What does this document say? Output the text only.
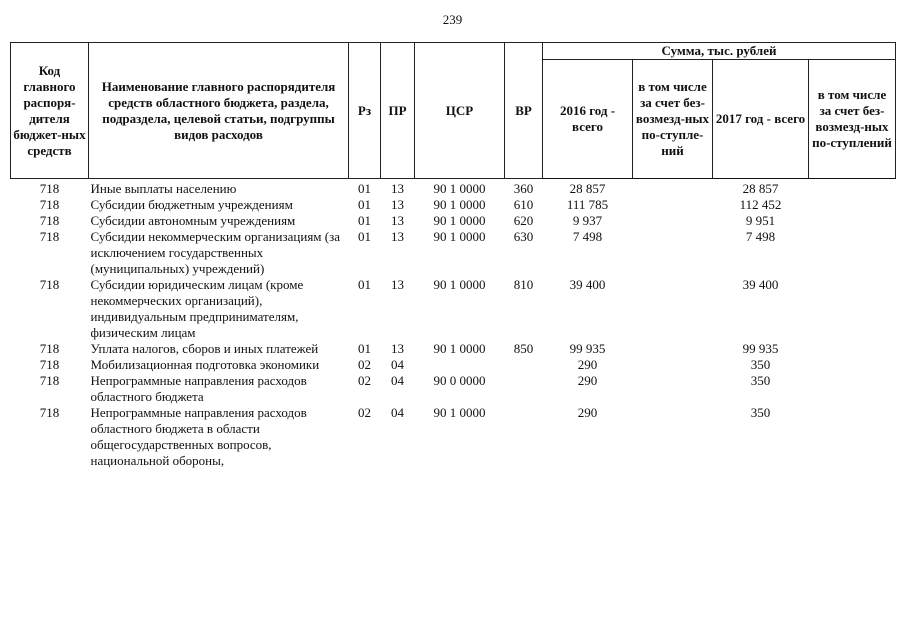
239
Код главного распоря-дителя бюджет-ных средств	Наименование главного распорядителя средств областного бюджета, раздела, подраздела, целевой статьи, подгруппы видов расходов	Рз	ПР	ЦСР	ВР	Сумма, тыс. рублей			
						2016 год - всего	в том числе за счет без-возмезд-ных по-ступле-ний	2017 год - всего	в том числе за счет без-возмезд-ных по-ступлений

718	Иные выплаты населению	01	13	90 1 0000	360	28 857		28 857	
718	Субсидии бюджетным учреждениям	01	13	90 1 0000	610	111 785		112 452	
718	Субсидии автономным учреждениям	01	13	90 1 0000	620	9 937		9 951	
718	Субсидии некоммерческим организациям (за исключением государственных (муниципальных) учреждений)	01	13	90 1 0000	630	7 498		7 498	
718	Субсидии юридическим лицам (кроме некоммерческих организаций), индивидуальным предпринимателям, физическим лицам	01	13	90 1 0000	810	39 400		39 400	
718	Уплата налогов, сборов и иных платежей	01	13	90 1 0000	850	99 935		99 935	
718	Мобилизационная подготовка экономики	02	04			290		350	
718	Непрограммные направления расходов областного бюджета	02	04	90 0 0000		290		350	
718	Непрограммные направления расходов областного бюджета в области общегосударственных вопросов, национальной обороны,	02	04	90 1 0000		290		350	
